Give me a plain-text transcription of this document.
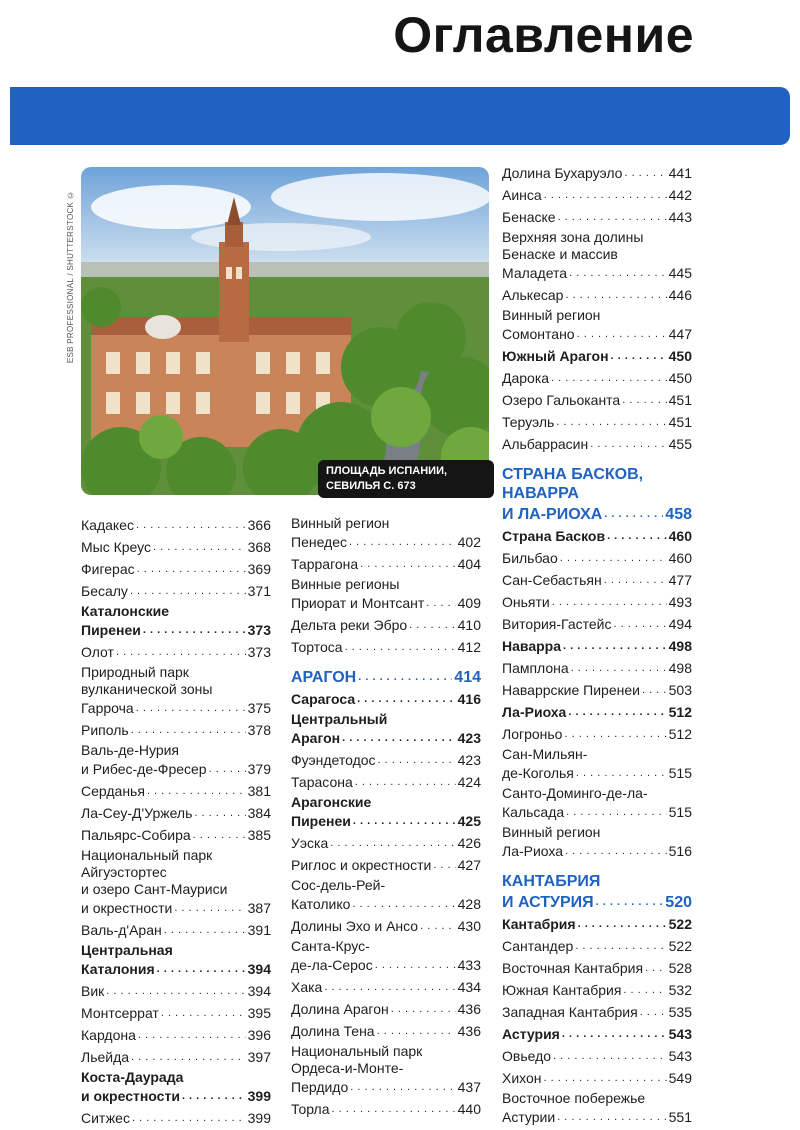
Оглавление
ESB PROFESSIONAL / SHUTTERSTOCK ©
ПЛОЩАДЬ ИСПАНИИ,
СЕВИЛЬЯ С. 673
Кадакес . . .	366
Мыс Креус . . .	368
Фигерас . . .	369
Бесалу . . .	371
Каталонские
Пиренеи . . .	373
Олот . . .	373
Природный парк
вулканической зоны
Гарроча . . .	375
Риполь . . .	378
Валь-де-Нурия
и Рибес-де-Фресер . . .	379
Серданья . . .	381
Ла-Сеу-Д'Уржель . . .	384
Пальярс-Собира . . .	385
Национальный парк
Айгуэстортес
и озеро Сант-Мауриси
и окрестности . . .	387
Валь-д'Аран . . .	391
Центральная
Каталония . . .	394
Вик . . .	394
Монтсеррат . . .	395
Кардона . . .	396
Льейда . . .	397
Коста-Даурада
и окрестности . . .	399
Ситжес . . .	399
Винный регион
Пенедес . . .	402
Таррагона . . .	404
Винные регионы
Приорат и Монтсант . . . 409
Дельта реки Эбро . . .	410
Тортоса . . .	412
АРАГОН . . .	414
Сарагоса . . .	416
Центральный
Арагон . . .	423
Фуэндетодос . . .	423
Тарасона . . .	424
Арагонские
Пиренеи . . .	425
Уэска . . .	426
Риглос и окрестности . . . 427
Сос-дель-Рей-
Католико . . .	428
Долины Эхо и Ансо . . .	430
Санта-Крус-
де-ла-Серос . . .	433
Хака . . .	434
Долина Арагон . . .	436
Долина Тена . . .	436
Национальный парк
Ордеса-и-Монте-
Пердидо . . .	437
Торла . . .	440
Долина Бухаруэло . . .	441
Аинса . . .	442
Бенаске . . .	443
Верхняя зона долины
Бенаске и массив
Маладета . . .	445
Алькесар . . .	446
Винный регион
Сомонтано . . .	447
Южный Арагон . . .	450
Дарока . . .	450
Озеро Гальоканта . . .	451
Теруэль . . .	451
Альбаррасин . . .	455
СТРАНА БАСКОВ,
НАВАРРА
И ЛА-РИОХА . . .	458
Страна Басков . . .	460
Бильбао . . .	460
Сан-Себастьян . . .	477
Оньяти . . .	493
Витория-Гастейс . . .	494
Наварра . . .	498
Памплона . . .	498
Наваррские Пиренеи . . . 503
Ла-Риоха . . .	512
Логроньо . . .	512
Сан-Мильян-
де-Коголья . . .	515
Санто-Доминго-де-ла-
Кальсада . . .	515
Винный регион
Ла-Риоха . . .	516
КАНТАБРИЯ
И АСТУРИЯ . . .	520
Кантабрия . . .	522
Сантандер . . .	522
Восточная Кантабрия . . . 528
Южная Кантабрия . . .	532
Западная Кантабрия . . . 535
Астурия . . .	543
Овьедо . . .	543
Хихон . . .	549
Восточное побережье
Астурии . . .	551
